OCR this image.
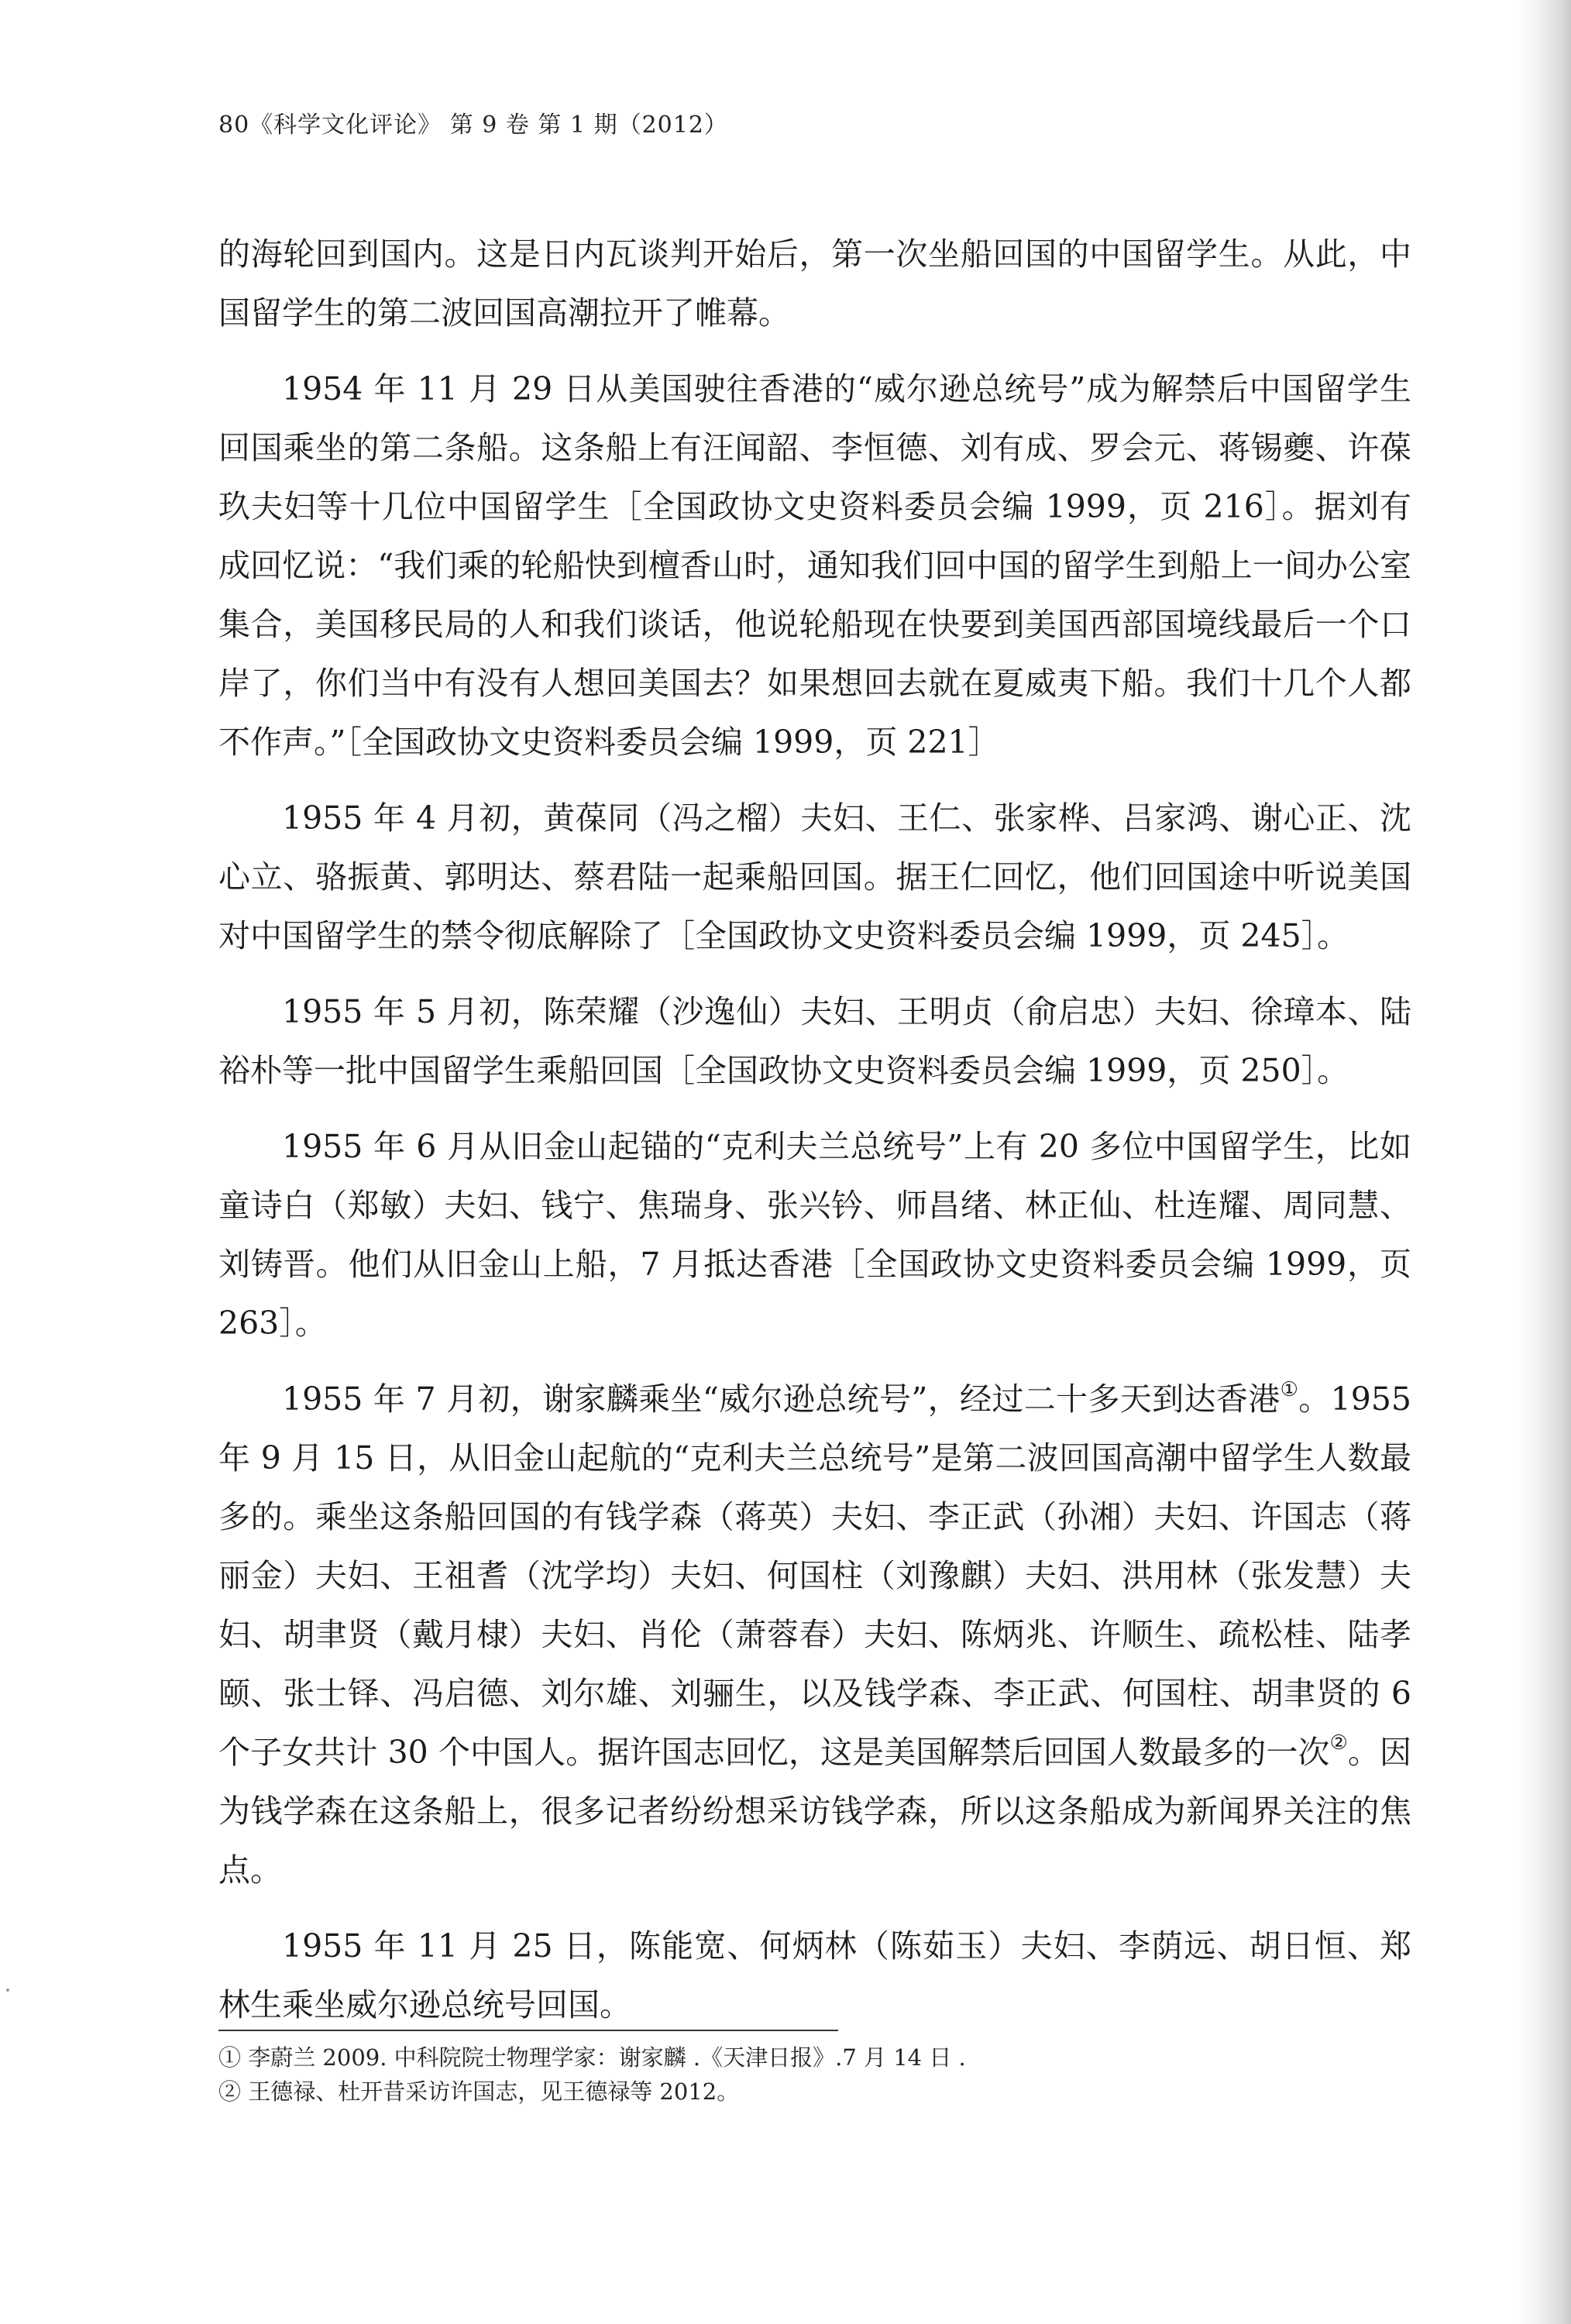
80《科学文化评论》 第 9 卷 第 1 期（2012）

的海轮回到国内。这是日内瓦谈判开始后，第一次坐船回国的中国留学生。从此，中国留学生的第二波回国高潮拉开了帷幕。

1954 年 11 月 29 日从美国驶往香港的“威尔逊总统号”成为解禁后中国留学生回国乘坐的第二条船。这条船上有汪闻韶、李恒德、刘有成、罗会元、蒋锡夔、许葆玖夫妇等十几位中国留学生［全国政协文史资料委员会编 1999，页 216］。据刘有成回忆说：“我们乘的轮船快到檀香山时，通知我们回中国的留学生到船上一间办公室集合，美国移民局的人和我们谈话，他说轮船现在快要到美国西部国境线最后一个口岸了，你们当中有没有人想回美国去？如果想回去就在夏威夷下船。我们十几个人都不作声。”［全国政协文史资料委员会编 1999，页 221］

1955 年 4 月初，黄葆同（冯之榴）夫妇、王仁、张家桦、吕家鸿、谢心正、沈心立、骆振黄、郭明达、蔡君陆一起乘船回国。据王仁回忆，他们回国途中听说美国对中国留学生的禁令彻底解除了［全国政协文史资料委员会编 1999，页 245］。

1955 年 5 月初，陈荣耀（沙逸仙）夫妇、王明贞（俞启忠）夫妇、徐璋本、陆裕朴等一批中国留学生乘船回国［全国政协文史资料委员会编 1999，页 250］。

1955 年 6 月从旧金山起锚的“克利夫兰总统号”上有 20 多位中国留学生，比如童诗白（郑敏）夫妇、钱宁、焦瑞身、张兴钤、师昌绪、林正仙、杜连耀、周同慧、刘铸晋。他们从旧金山上船，7 月抵达香港［全国政协文史资料委员会编 1999，页 263］。

1955 年 7 月初，谢家麟乘坐“威尔逊总统号”，经过二十多天到达香港①。1955 年 9 月 15 日，从旧金山起航的“克利夫兰总统号”是第二波回国高潮中留学生人数最多的。乘坐这条船回国的有钱学森（蒋英）夫妇、李正武（孙湘）夫妇、许国志（蒋丽金）夫妇、王祖耆（沈学均）夫妇、何国柱（刘豫麒）夫妇、洪用林（张发慧）夫妇、胡聿贤（戴月棣）夫妇、肖伦（萧蓉春）夫妇、陈炳兆、许顺生、疏松桂、陆孝颐、张士铎、冯启德、刘尔雄、刘骊生，以及钱学森、李正武、何国柱、胡聿贤的 6 个子女共计 30 个中国人。据许国志回忆，这是美国解禁后回国人数最多的一次②。因为钱学森在这条船上，很多记者纷纷想采访钱学森，所以这条船成为新闻界关注的焦点。

1955 年 11 月 25 日，陈能宽、何炳林（陈茹玉）夫妇、李荫远、胡日恒、郑林生乘坐威尔逊总统号回国。

① 李蔚兰 2009. 中科院院士物理学家：谢家麟 .《天津日报》.7 月 14 日 .
② 王德禄、杜开昔采访许国志，见王德禄等 2012。
